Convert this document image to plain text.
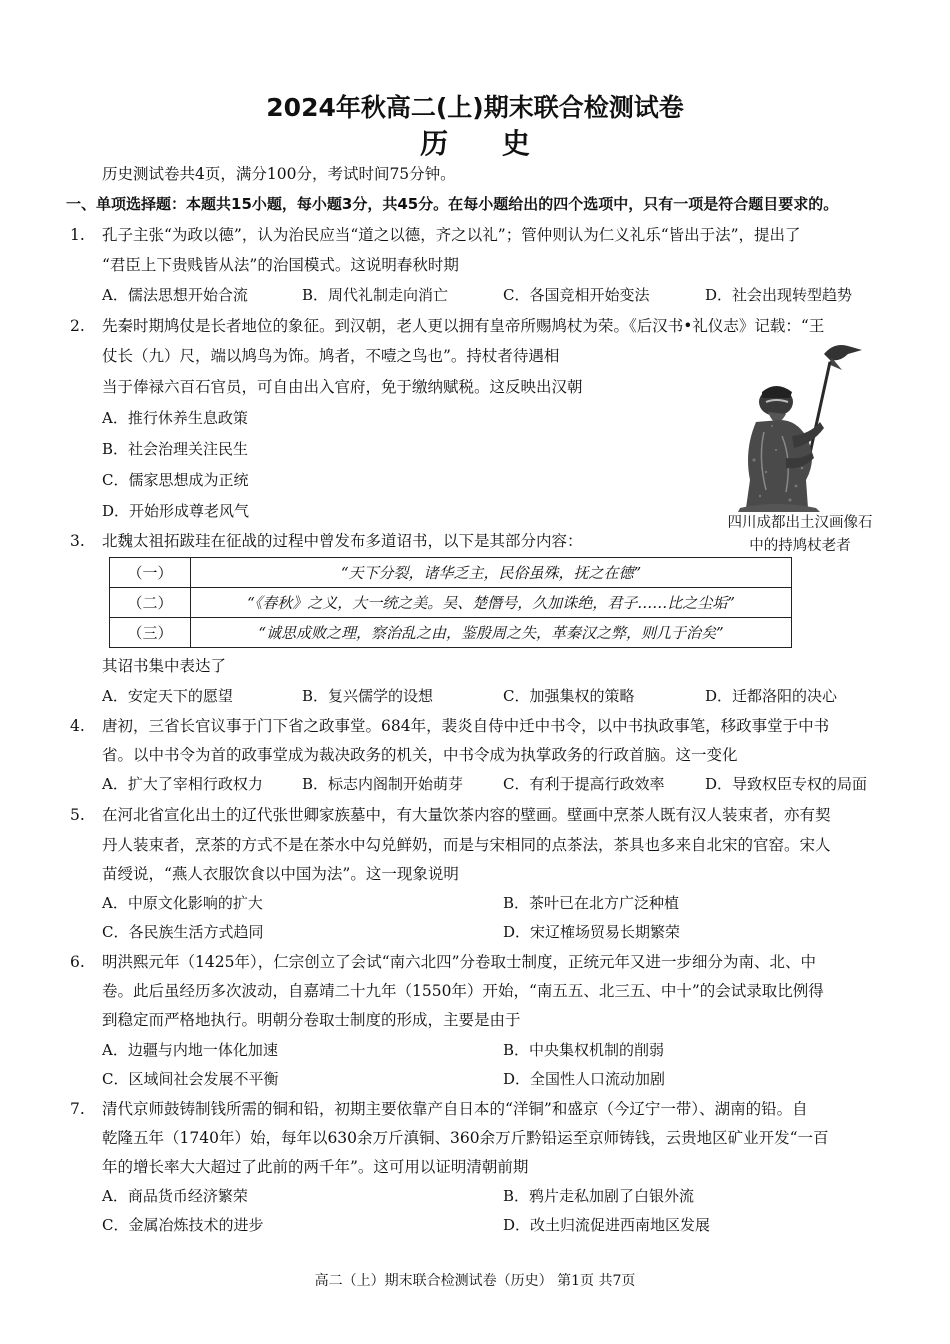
2024年秋高二(上)期末联合检测试卷
历 史
历史测试卷共4页，满分100分，考试时间75分钟。
一、单项选择题：本题共15小题，每小题3分，共45分。在每小题给出的四个选项中，只有一项是符合题目要求的。
1. 孔子主张“为政以德”，认为治民应当“道之以德，齐之以礼”；管仲则认为仁义礼乐“皆出于法”，提出了
“君臣上下贵贱皆从法”的治国模式。这说明春秋时期
A．儒法思想开始合流	B．周代礼制走向消亡	C．各国竞相开始变法	D．社会出现转型趋势
2. 先秦时期鸠仗是长者地位的象征。到汉朝，老人更以拥有皇帝所赐鸠杖为荣。《后汉书•礼仪志》记载：“王
仗长（九）尺，端以鸠鸟为饰。鸠者，不噎之鸟也”。持杖者待遇相
当于俸禄六百石官员，可自由出入官府，免于缴纳赋税。这反映出汉朝
A．推行休养生息政策
B．社会治理关注民生
C．儒家思想成为正统
D．开始形成尊老风气
四川成都出土汉画像石
中的持鸠杖老者
3. 北魏太祖拓跋珪在征战的过程中曾发布多道诏书，以下是其部分内容：
（一）	“天下分裂，诸华乏主，民俗虽殊，抚之在德”
（二）	“《春秋》之义，大一统之美。吴、楚僭号，久加诛绝，君子……比之尘垢”
（三）	“诚思成败之理，察治乱之由，鉴殷周之失，革秦汉之弊，则几于治矣”
其诏书集中表达了
A．安定天下的愿望	B．复兴儒学的设想	C．加强集权的策略	D．迁都洛阳的决心
4. 唐初，三省长官议事于门下省之政事堂。684年，裴炎自侍中迁中书令，以中书执政事笔，移政事堂于中书
省。以中书令为首的政事堂成为裁决政务的机关，中书令成为执掌政务的行政首脑。这一变化
A．扩大了宰相行政权力	B．标志内阁制开始萌芽	C．有利于提高行政效率	D．导致权臣专权的局面
5. 在河北省宣化出土的辽代张世卿家族墓中，有大量饮茶内容的壁画。壁画中烹茶人既有汉人装束者，亦有契
丹人装束者，烹茶的方式不是在茶水中勾兑鲜奶，而是与宋相同的点茶法，茶具也多来自北宋的官窑。宋人
苗绶说，“燕人衣服饮食以中国为法”。这一现象说明
A．中原文化影响的扩大	B．茶叶已在北方广泛种植
C．各民族生活方式趋同	D．宋辽榷场贸易长期繁荣
6. 明洪熙元年（1425年），仁宗创立了会试“南六北四”分卷取士制度，正统元年又进一步细分为南、北、中
卷。此后虽经历多次波动，自嘉靖二十九年（1550年）开始，“南五五、北三五、中十”的会试录取比例得
到稳定而严格地执行。明朝分卷取士制度的形成，主要是由于
A．边疆与内地一体化加速	B．中央集权机制的削弱
C．区域间社会发展不平衡	D．全国性人口流动加剧
7. 清代京师鼓铸制钱所需的铜和铅，初期主要依靠产自日本的“洋铜”和盛京（今辽宁一带）、湖南的铅。自
乾隆五年（1740年）始，每年以630余万斤滇铜、360余万斤黔铅运至京师铸钱，云贵地区矿业开发“一百
年的增长率大大超过了此前的两千年”。这可用以证明清朝前期
A．商品货币经济繁荣	B．鸦片走私加剧了白银外流
C．金属冶炼技术的进步	D．改土归流促进西南地区发展
高二（上）期末联合检测试卷（历史） 第1页 共7页
